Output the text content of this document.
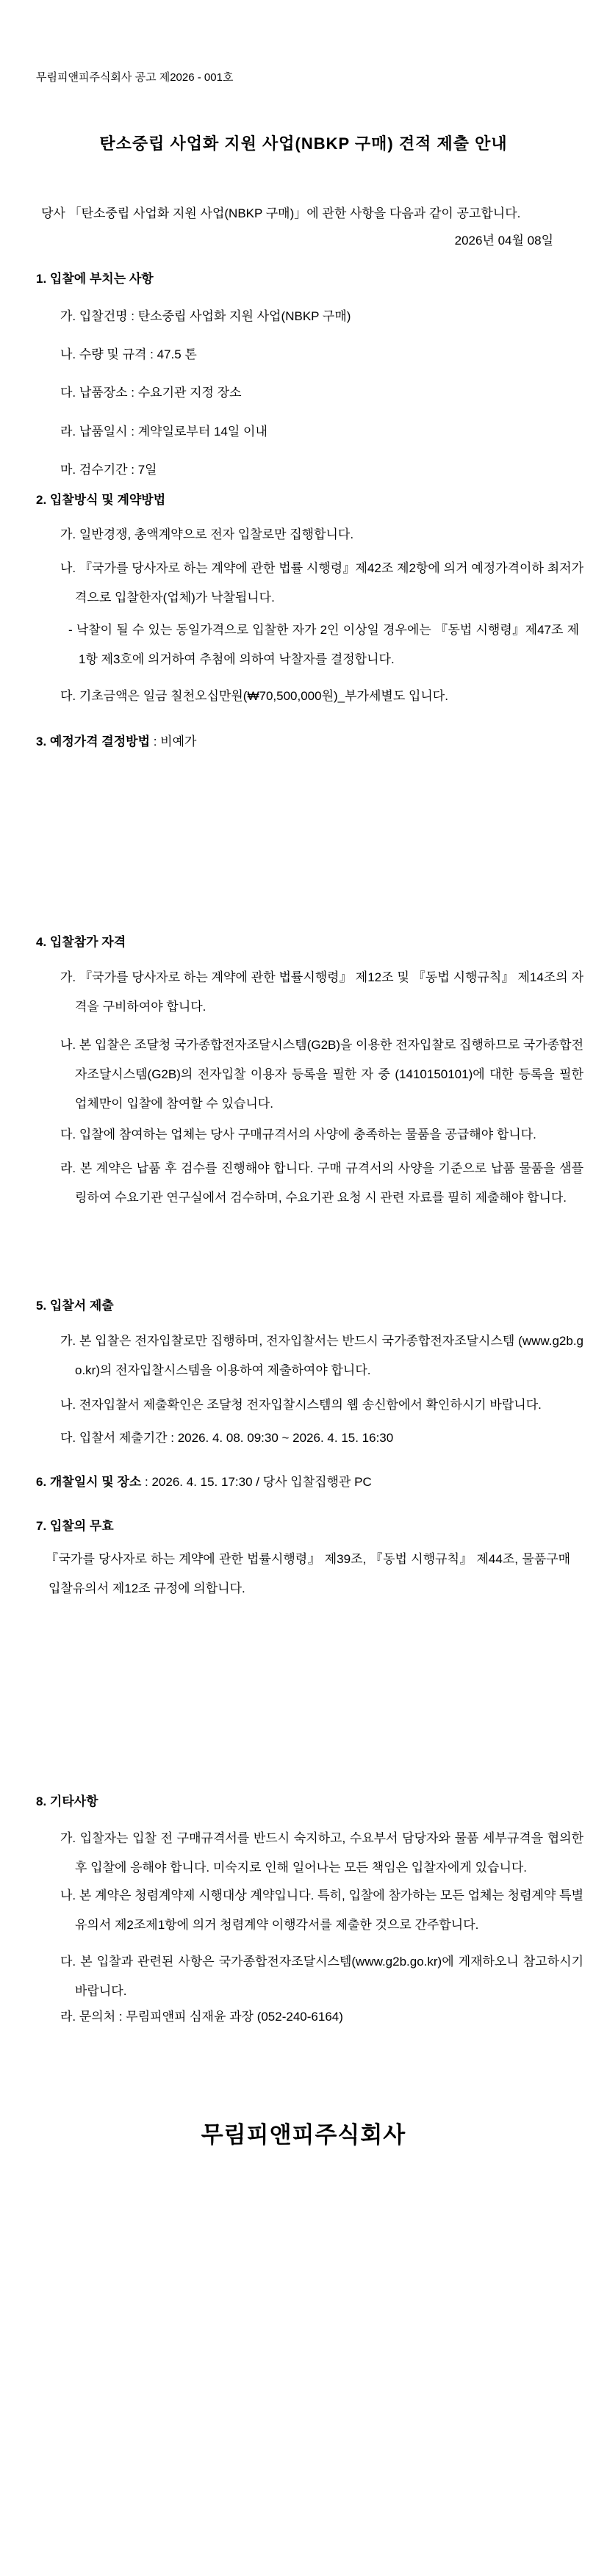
무림피앤피주식회사 공고 제2026 - 001호
탄소중립 사업화 지원 사업(NBKP 구매) 견적 제출 안내
당사 「탄소중립 사업화 지원 사업(NBKP 구매)」에 관한 사항을 다음과 같이 공고합니다.
2026년 04월 08일
1. 입찰에 부치는 사항
가. 입찰건명 : 탄소중립 사업화 지원 사업(NBKP 구매)
나. 수량 및 규격 : 47.5 톤
다. 납품장소 : 수요기관 지정 장소
라. 납품일시 : 계약일로부터 14일 이내
마. 검수기간 : 7일
2. 입찰방식 및 계약방법
가. 일반경쟁, 총액계약으로 전자 입찰로만 집행합니다.
나. 『국가를 당사자로 하는 계약에 관한 법률 시행령』제42조 제2항에 의거 예정가격이하 최저가격으로 입찰한자(업체)가 낙찰됩니다.
- 낙찰이 될 수 있는 동일가격으로 입찰한 자가 2인 이상일 경우에는 『동법 시행령』제47조 제1항 제3호에 의거하여 추첨에 의하여 낙찰자를 결정합니다.
다. 기초금액은 일금 칠천오십만원(₩70,500,000원)_부가세별도 입니다.
3. 예정가격 결정방법 : 비예가
4. 입찰참가 자격
가. 『국가를 당사자로 하는 계약에 관한 법률시행령』 제12조 및 『동법 시행규칙』 제14조의 자격을 구비하여야 합니다.
나. 본 입찰은 조달청 국가종합전자조달시스템(G2B)을 이용한 전자입찰로 집행하므로 국가종합전자조달시스템(G2B)의 전자입찰 이용자 등록을 필한 자 중 (1410150101)에 대한 등록을 필한 업체만이 입찰에 참여할 수 있습니다.
다. 입찰에 참여하는 업체는 당사 구매규격서의 사양에 충족하는 물품을 공급해야 합니다.
라. 본 계약은 납품 후 검수를 진행해야 합니다. 구매 규격서의 사양을 기준으로 납품 물품을 샘플링하여 수요기관 연구실에서 검수하며, 수요기관 요청 시 관련 자료를 필히 제출해야 합니다.
5. 입찰서 제출
가. 본 입찰은 전자입찰로만 집행하며, 전자입찰서는 반드시 국가종합전자조달시스템 (www.g2b.go.kr)의 전자입찰시스템을 이용하여 제출하여야 합니다.
나. 전자입찰서 제출확인은 조달청 전자입찰시스템의 웹 송신함에서 확인하시기 바랍니다.
다. 입찰서 제출기간 : 2026. 4. 08. 09:30 ~ 2026. 4. 15. 16:30
6. 개찰일시 및 장소 : 2026. 4. 15. 17:30 / 당사 입찰집행관 PC
7. 입찰의 무효
『국가를 당사자로 하는 계약에 관한 법률시행령』 제39조, 『동법 시행규칙』 제44조, 물품구매 입찰유의서 제12조 규정에 의합니다.
8. 기타사항
가. 입찰자는 입찰 전 구매규격서를 반드시 숙지하고, 수요부서 담당자와 물품 세부규격을 협의한 후 입찰에 응해야 합니다. 미숙지로 인해 일어나는 모든 책임은 입찰자에게 있습니다.
나. 본 계약은 청렴계약제 시행대상 계약입니다. 특히, 입찰에 참가하는 모든 업체는 청렴계약 특별유의서 제2조제1항에 의거 청렴계약 이행각서를 제출한 것으로 간주합니다.
다. 본 입찰과 관련된 사항은 국가종합전자조달시스템(www.g2b.go.kr)에 게재하오니 참고하시기 바랍니다.
라. 문의처 : 무림피앤피 심재윤 과장 (052-240-6164)
무림피앤피주식회사
